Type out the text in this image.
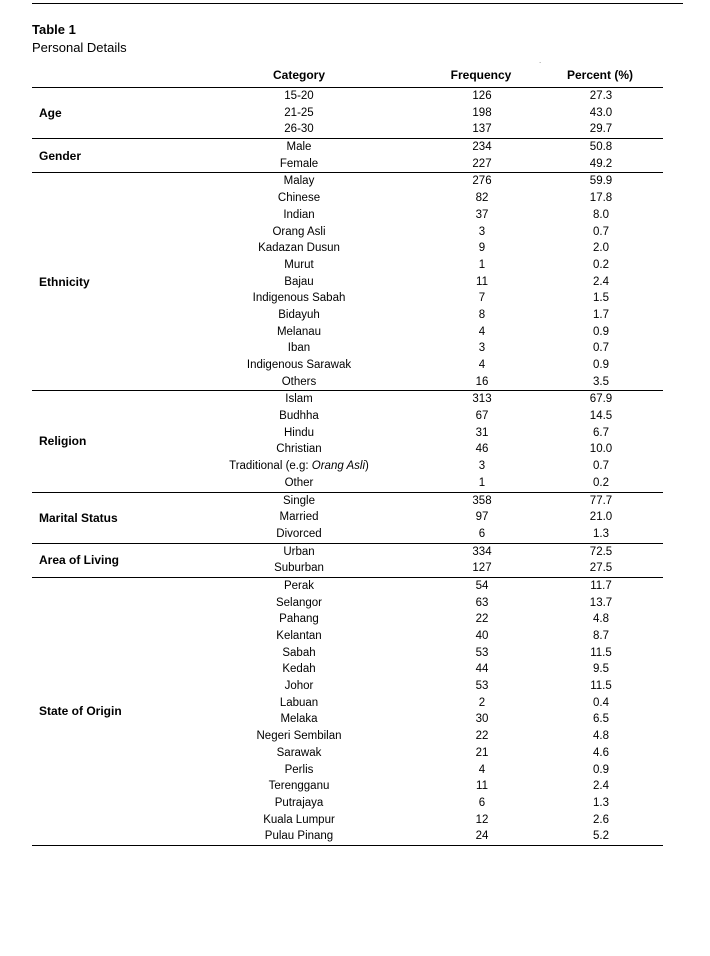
Table 1
Personal Details
.
Category	Frequency	Percent (%)
Age
15-20	126	27.3
21-25	198	43.0
26-30	137	29.7
Gender
Male	234	50.8
Female	227	49.2
Ethnicity
Malay	276	59.9
Chinese	82	17.8
Indian	37	8.0
Orang Asli	3	0.7
Kadazan Dusun	9	2.0
Murut	1	0.2
Bajau	11	2.4
Indigenous Sabah	7	1.5
Bidayuh	8	1.7
Melanau	4	0.9
Iban	3	0.7
Indigenous Sarawak	4	0.9
Others	16	3.5
Religion
Islam	313	67.9
Budhha	67	14.5
Hindu	31	6.7
Christian	46	10.0
Traditional (e.g: Orang Asli)	3	0.7
Other	1	0.2
Marital Status
Single	358	77.7
Married	97	21.0
Divorced	6	1.3
Area of Living
Urban	334	72.5
Suburban	127	27.5
State of Origin
Perak	54	11.7
Selangor	63	13.7
Pahang	22	4.8
Kelantan	40	8.7
Sabah	53	11.5
Kedah	44	9.5
Johor	53	11.5
Labuan	2	0.4
Melaka	30	6.5
Negeri Sembilan	22	4.8
Sarawak	21	4.6
Perlis	4	0.9
Terengganu	11	2.4
Putrajaya	6	1.3
Kuala Lumpur	12	2.6
Pulau Pinang	24	5.2
